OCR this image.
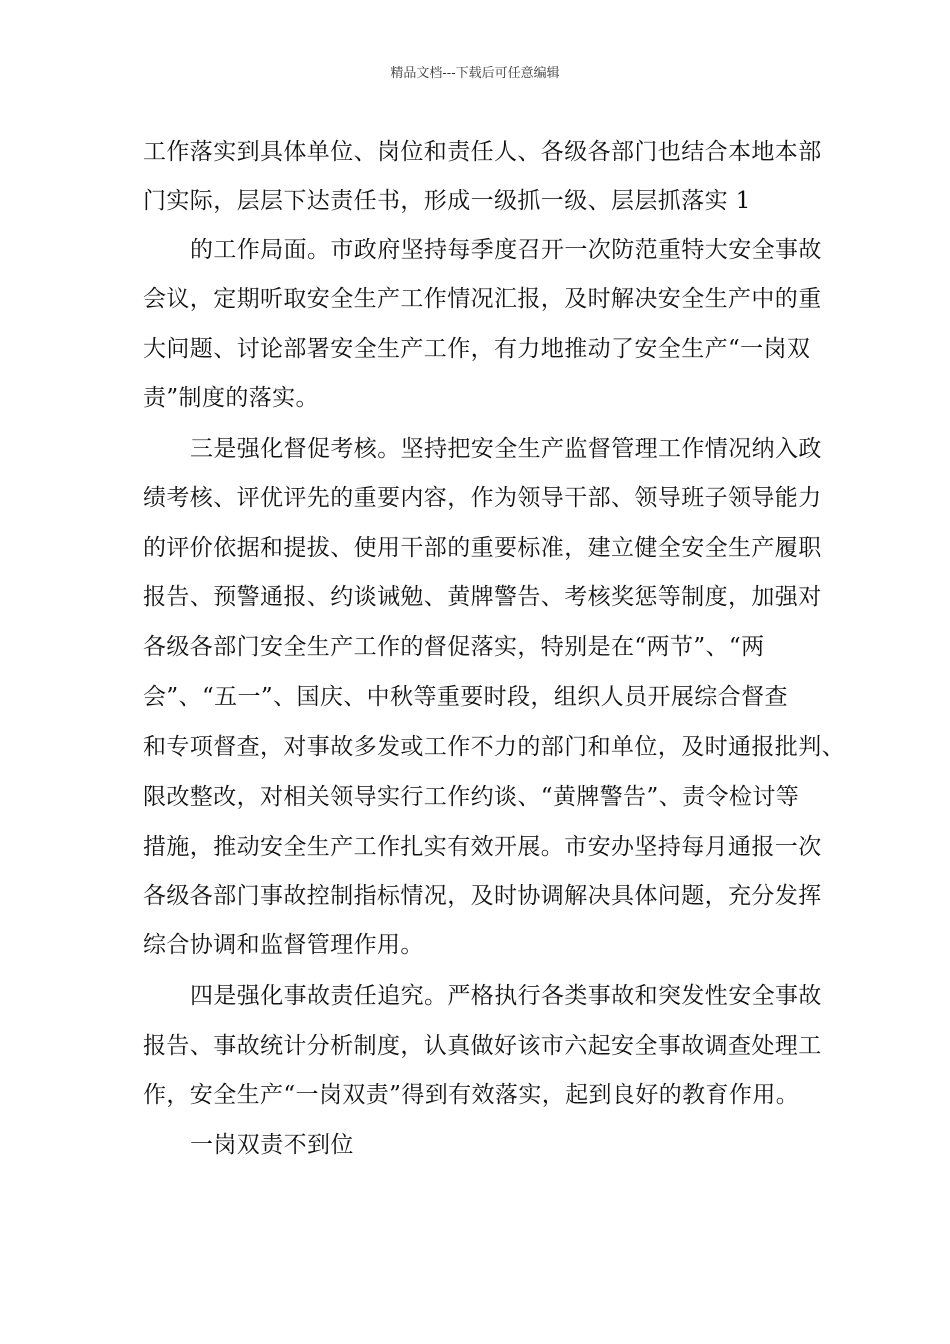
精品文档---下载后可任意编辑
工作落实到具体单位、岗位和责任人、各级各部门也结合本地本部
门实际，层层下达责任书，形成一级抓一级、层层抓落实 1
的工作局面。市政府坚持每季度召开一次防范重特大安全事故
会议，定期听取安全生产工作情况汇报，及时解决安全生产中的重
大问题、讨论部署安全生产工作，有力地推动了安全生产“一岗双
责”制度的落实。
三是强化督促考核。坚持把安全生产监督管理工作情况纳入政
绩考核、评优评先的重要内容，作为领导干部、领导班子领导能力
的评价依据和提拔、使用干部的重要标准，建立健全安全生产履职
报告、预警通报、约谈诫勉、黄牌警告、考核奖惩等制度，加强对
各级各部门安全生产工作的督促落实，特别是在“两节”、“两
会”、“五一”、国庆、中秋等重要时段，组织人员开展综合督查
和专项督查，对事故多发或工作不力的部门和单位，及时通报批判、
限改整改，对相关领导实行工作约谈、“黄牌警告”、责令检讨等
措施，推动安全生产工作扎实有效开展。市安办坚持每月通报一次
各级各部门事故控制指标情况，及时协调解决具体问题，充分发挥
综合协调和监督管理作用。
四是强化事故责任追究。严格执行各类事故和突发性安全事故
报告、事故统计分析制度，认真做好该市六起安全事故调查处理工
作，安全生产“一岗双责”得到有效落实，起到良好的教育作用。
一岗双责不到位
